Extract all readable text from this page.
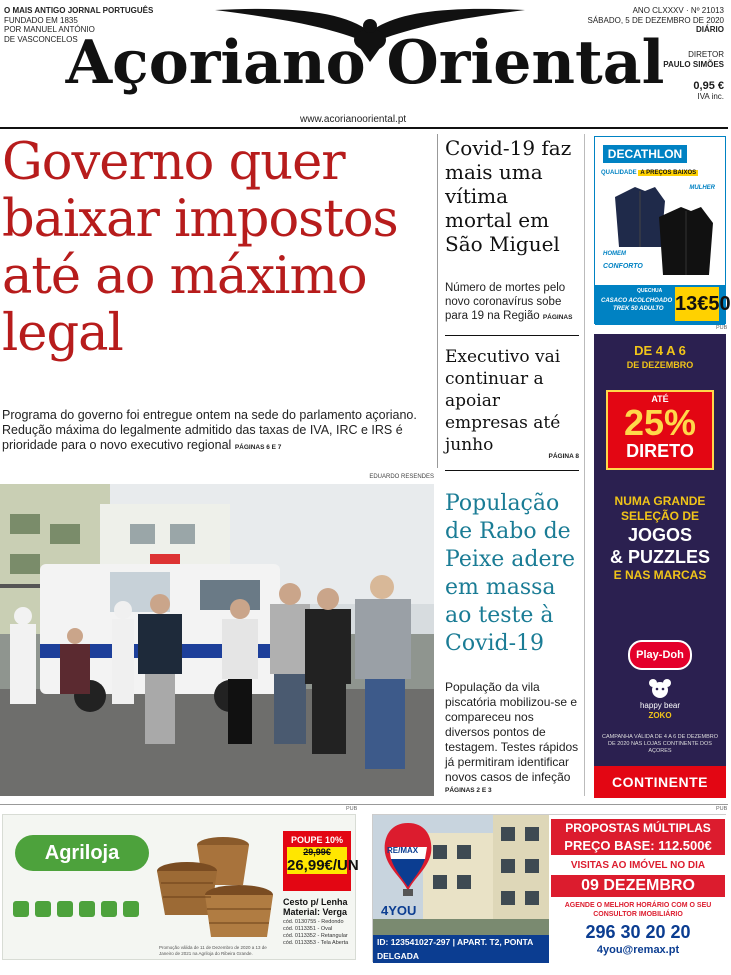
O MAIS ANTIGO JORNAL PORTUGUÊS
FUNDADO EM 1835
POR MANUEL ANTÓNIO DE VASCONCELOS
Açoriano Oriental
ANO CLXXXV · Nº 21013
SÁBADO, 5 DE DEZEMBRO DE 2020
DIÁRIO
DIRETOR
PAULO SIMÕES
0,95 €
IVA inc.
www.acorianooriental.pt
Governo quer baixar impostos até ao máximo legal
Programa do governo foi entregue ontem na sede do parlamento açoriano. Redução máxima do legalmente admitido das taxas de IVA, IRC e IRS é prioridade para o novo executivo regional PÁGINAS 6 E 7
EDUARDO RESENDES
Covid-19 faz mais uma vítima mortal em São Miguel
Número de mortes pelo novo coronavírus sobe para 19 na Região PÁGINAS
Executivo vai continuar a apoiar empresas até junho
PÁGINA 8
População de Rabo de Peixe adere em massa ao teste à Covid-19
População da vila piscatória mobilizou-se e compareceu nos diversos pontos de testagem. Testes rápidos já permitiram identificar novos casos de infeção
PÁGINAS 2 E 3
DECATHLON
QUALIDADE A PREÇOS BAIXOS
MULHER
HOMEM
CONFORTO
QUECHUA
CASACO ACOLCHOADO
TREK 50 ADULTO 13€50
PUB
DE 4 A 6
DE DEZEMBRO
ATÉ
25%
DIRETO
NUMA GRANDE
SELEÇÃO DE
JOGOS
& PUZZLES
E NAS MARCAS
Play-Doh
happy bear
ZOKO
CAMPANHA VÁLIDA DE 4 A 6 DE DEZEMBRO DE 2020 NAS LOJAS CONTINENTE DOS AÇORES
CONTINENTE
PUB	PUB
Agriloja
POUPE 10%
29,99€
26,99€/UN
Cesto p/ Lenha Material: Verga
cód. 0130755 - Redondo
cód. 0113351 - Oval
cód. 0113352 - Retangular
cód. 0113353 - Tela Aberta
Promoção válida de 11 de Dezembro de 2020 a 13 de Janeiro de 2021 na Agriloja do Ribeira Grande.
RE/MAX
4YOU
ID: 123541027-297 | APART. T2, PONTA DELGADA
O PROPRIETÁRIO RESERVA-SE AO DIREITO DE NÃO ACEITAR QUALQUER PROPOSTA
PROPOSTAS MÚLTIPLAS
PREÇO BASE: 112.500€
VISITAS AO IMÓVEL NO DIA
09 DEZEMBRO
AGENDE O MELHOR HORÁRIO COM O SEU CONSULTOR IMOBILIÁRIO
296 30 20 20
4you@remax.pt
